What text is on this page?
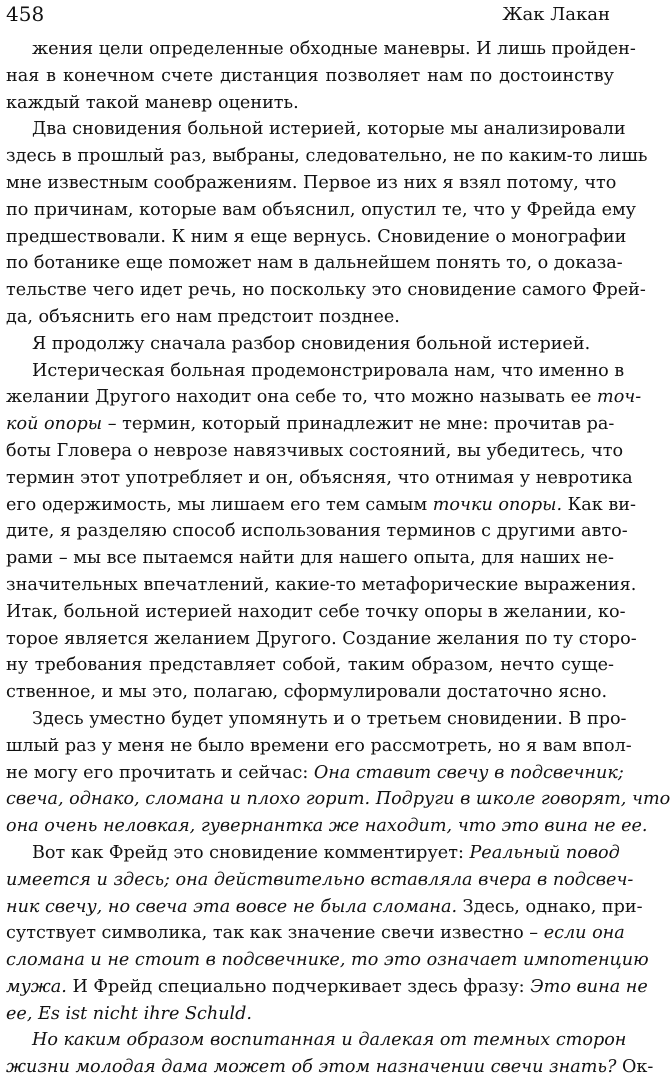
458	Жак Лакан
жения цели определенные обходные маневры. И лишь пройден-
ная в конечном счете дистанция позволяет нам по достоинству
каждый такой маневр оценить.
Два сновидения больной истерией, которые мы анализировали
здесь в прошлый раз, выбраны, следовательно, не по каким-то лишь
мне известным соображениям. Первое из них я взял потому, что
по причинам, которые вам объяснил, опустил те, что у Фрейда ему
предшествовали. К ним я еще вернусь. Сновидение о монографии
по ботанике еще поможет нам в дальнейшем понять то, о доказа-
тельстве чего идет речь, но поскольку это сновидение самого Фрей-
да, объяснить его нам предстоит позднее.
Я продолжу сначала разбор сновидения больной истерией.
Истерическая больная продемонстрировала нам, что именно в
желании Другого находит она себе то, что можно называть ее точ-
кой опоры – термин, который принадлежит не мне: прочитав ра-
боты Гловера о неврозе навязчивых состояний, вы убедитесь, что
термин этот употребляет и он, объясняя, что отнимая у невротика
его одержимость, мы лишаем его тем самым точки опоры. Как ви-
дите, я разделяю способ использования терминов с другими авто-
рами – мы все пытаемся найти для нашего опыта, для наших не-
значительных впечатлений, какие-то метафорические выражения.
Итак, больной истерией находит себе точку опоры в желании, ко-
торое является желанием Другого. Создание желания по ту сторо-
ну требования представляет собой, таким образом, нечто суще-
ственное, и мы это, полагаю, сформулировали достаточно ясно.
Здесь уместно будет упомянуть и о третьем сновидении. В про-
шлый раз у меня не было времени его рассмотреть, но я вам впол-
не могу его прочитать и сейчас: Она ставит свечу в подсвечник;
свеча, однако, сломана и плохо горит. Подруги в школе говорят, что
она очень неловкая, гувернантка же находит, что это вина не ее.
Вот как Фрейд это сновидение комментирует: Реальный повод
имеется и здесь; она действительно вставляла вчера в подсвеч-
ник свечу, но свеча эта вовсе не была сломана. Здесь, однако, при-
сутствует символика, так как значение свечи известно – если она
сломана и не стоит в подсвечнике, то это означает импотенцию
мужа. И Фрейд специально подчеркивает здесь фразу: Это вина не
ее, Es ist nicht ihre Schuld.
Но каким образом воспитанная и далекая от темных сторон
жизни молодая дама может об этом назначении свечи знать? Ок-
